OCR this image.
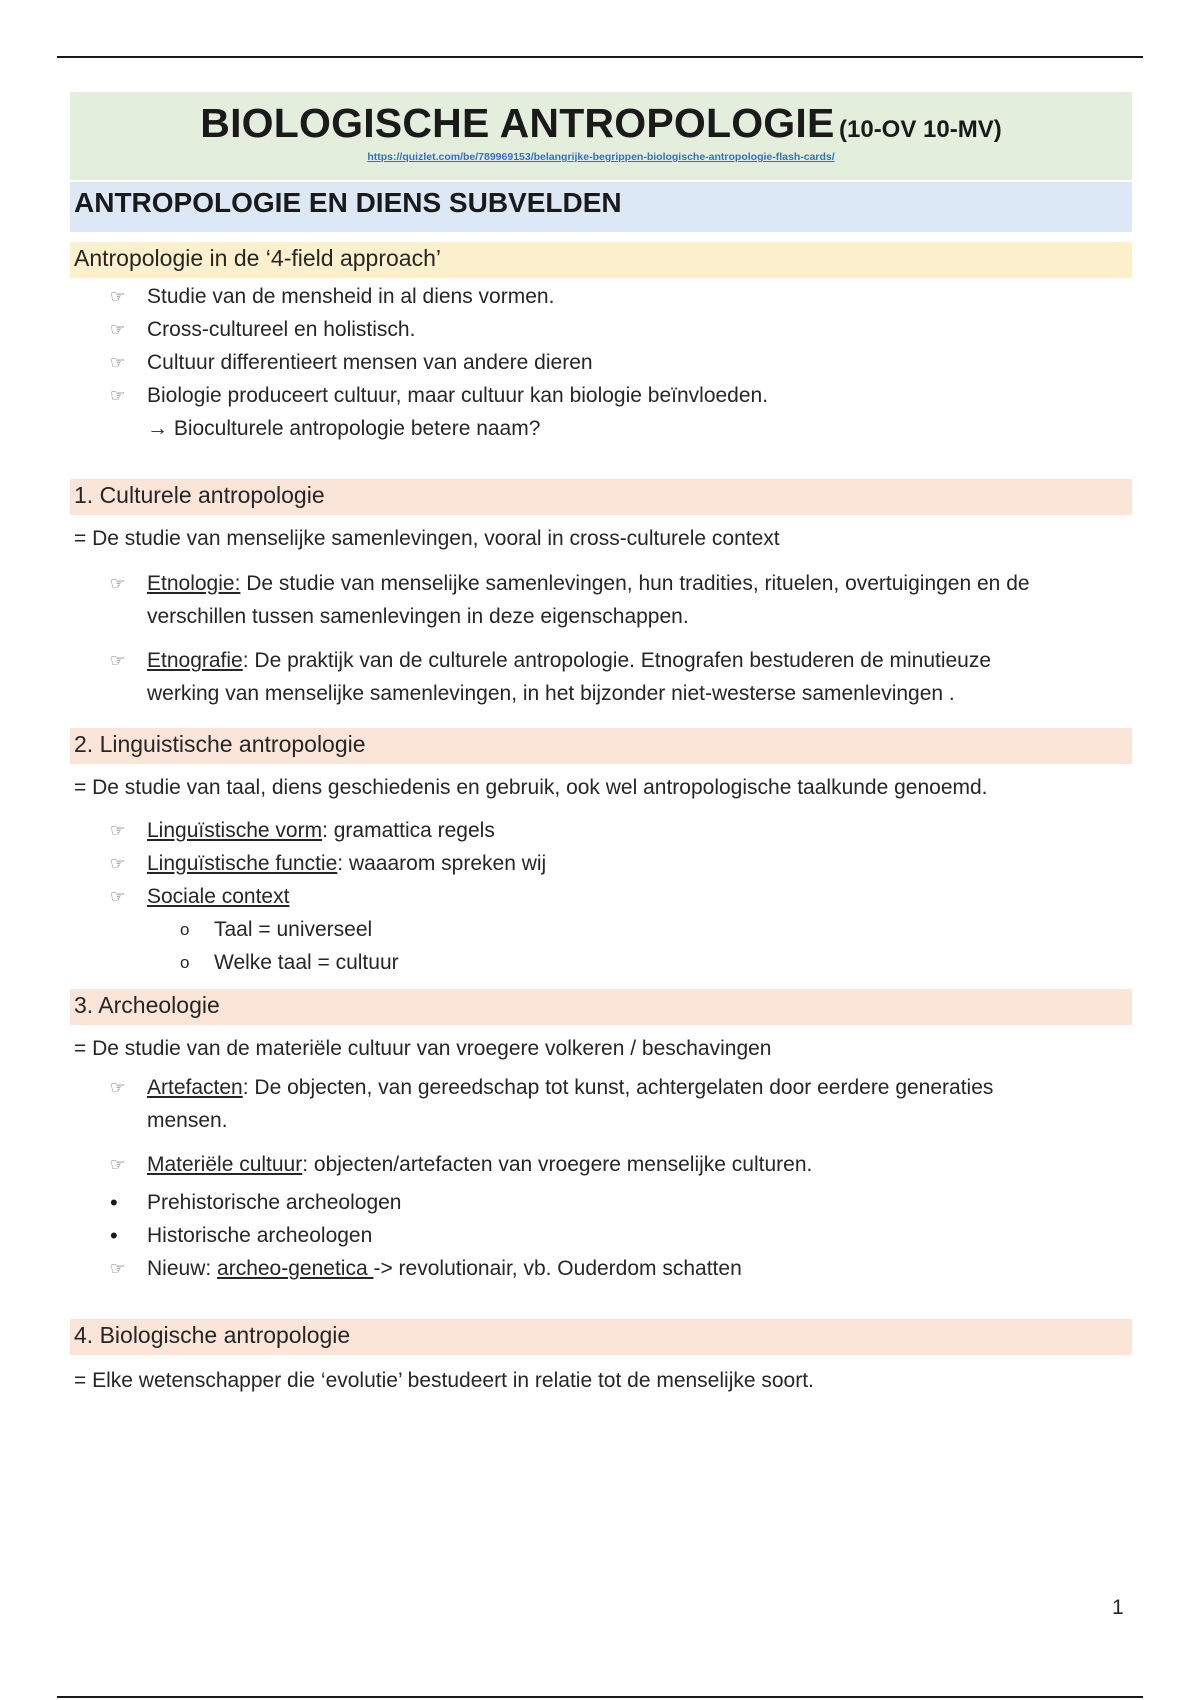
BIOLOGISCHE ANTROPOLOGIE (10-OV 10-MV)
https://quizlet.com/be/789969153/belangrijke-begrippen-biologische-antropologie-flash-cards/
ANTROPOLOGIE EN DIENS SUBVELDEN
Antropologie in de ‘4-field approach’
☞	Studie van de mensheid in al diens vormen.
☞	Cross-cultureel en holistisch.
☞	Cultuur differentieert mensen van andere dieren
☞	Biologie produceert cultuur, maar cultuur kan biologie beïnvloeden.
→ Bioculturele antropologie betere naam?
1. Culturele antropologie
= De studie van menselijke samenlevingen, vooral in cross-culturele context
☞	Etnologie: De studie van menselijke samenlevingen, hun tradities, rituelen, overtuigingen en de verschillen tussen samenlevingen in deze eigenschappen.
☞	Etnografie: De praktijk van de culturele antropologie. Etnografen bestuderen de minutieuze werking van menselijke samenlevingen, in het bijzonder niet-westerse samenlevingen .
2. Linguistische antropologie
= De studie van taal, diens geschiedenis en gebruik, ook wel antropologische taalkunde genoemd.
☞	Linguïstische vorm: gramattica regels
☞	Linguïstische functie: waaarom spreken wij
☞	Sociale context
o Taal = universeel
o Welke taal = cultuur
3. Archeologie
= De studie van de materiële cultuur van vroegere volkeren / beschavingen
☞	Artefacten: De objecten, van gereedschap tot kunst, achtergelaten door eerdere generaties mensen.
☞	Materiële cultuur: objecten/artefacten van vroegere menselijke culturen.
•	Prehistorische archeologen
•	Historische archeologen
☞	Nieuw: archeo-genetica -> revolutionair, vb. Ouderdom schatten
4. Biologische antropologie
= Elke wetenschapper die ‘evolutie’ bestudeert in relatie tot de menselijke soort.
1
